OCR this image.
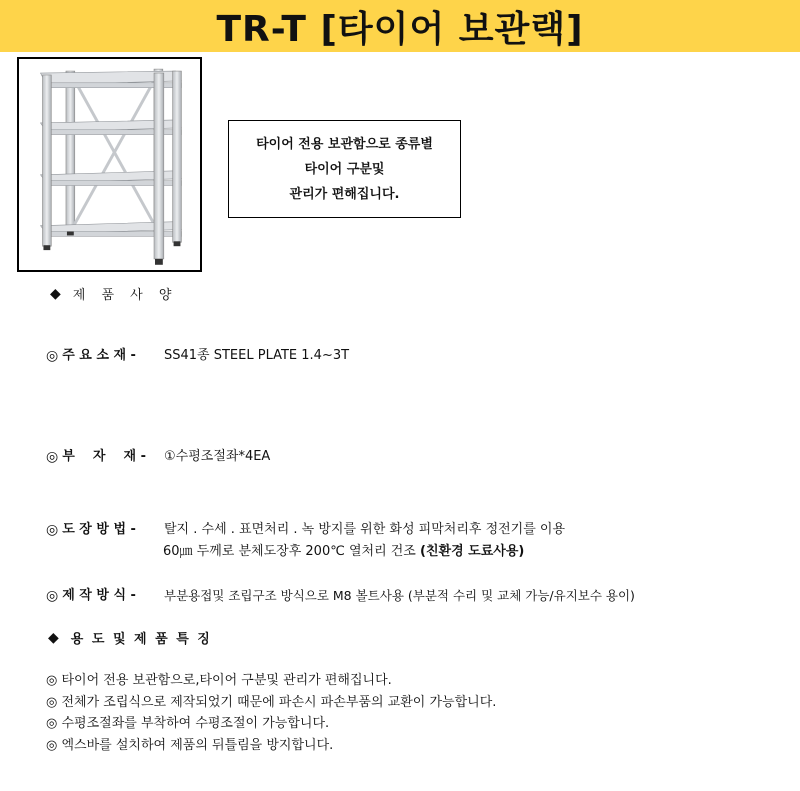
TR-T [타이어 보관랙]
타이어 전용 보관함으로 종류별
타이어 구분및
관리가 편해집니다.
◆ 제 품 사 양
◎ 주 요 소 재 - SS41종 STEEL PLATE 1.4~3T
◎ 부    자    재 - ①수평조절좌*4EA
◎ 도 장 방 법 - 탈지 . 수세 . 표면처리 . 녹 방지를 위한 화성 피막처리후 정전기를 이용
60㎛ 두께로 분체도장후 200℃ 열처리 건조 (친환경 도료사용)
◎ 제 작 방 식 - 부분용접및 조립구조 방식으로 M8 볼트사용 (부분적 수리 및 교체 가능/유지보수 용이)
◆ 용 도 및 제 품 특 징
◎ 타이어 전용 보관함으로,타이어 구분및 관리가 편해집니다.
◎ 전체가 조립식으로 제작되었기 때문에 파손시 파손부품의 교환이 가능합니다.
◎ 수평조절좌를 부착하여 수평조절이 가능합니다.
◎ 엑스바를 설치하여 제품의 뒤틀림을 방지합니다.
